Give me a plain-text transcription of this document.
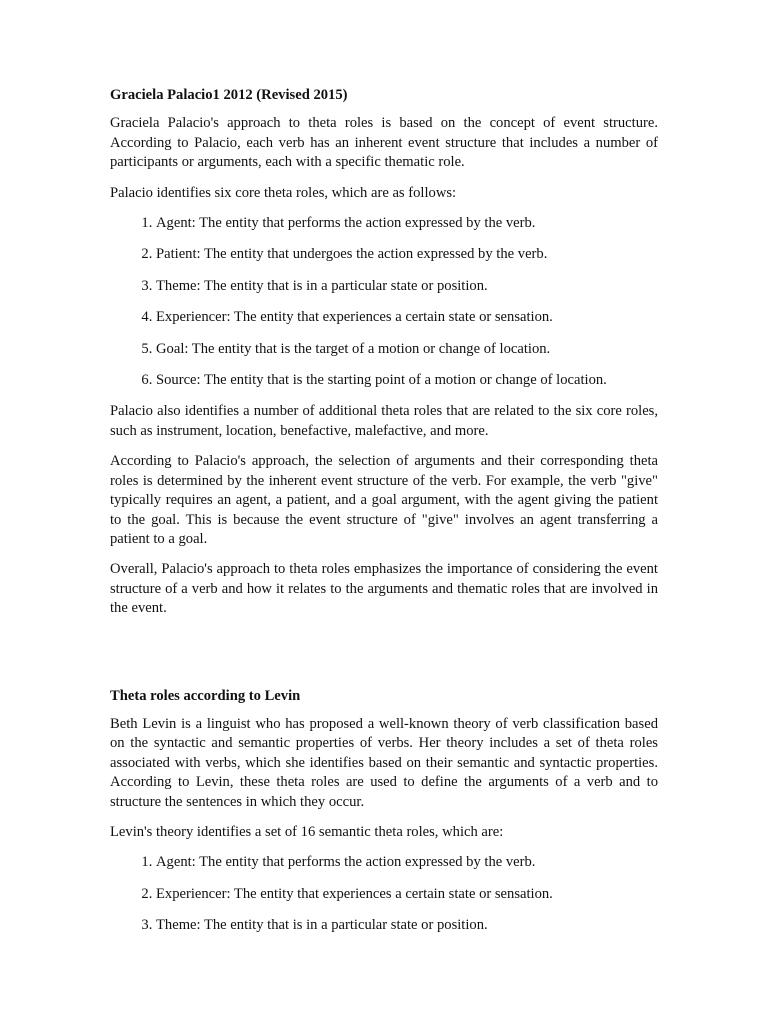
Graciela Palacio1 2012 (Revised 2015)

Graciela Palacio's approach to theta roles is based on the concept of event structure. According to Palacio, each verb has an inherent event structure that includes a number of participants or arguments, each with a specific thematic role.

Palacio identifies six core theta roles, which are as follows:

1. Agent: The entity that performs the action expressed by the verb.
2. Patient: The entity that undergoes the action expressed by the verb.
3. Theme: The entity that is in a particular state or position.
4. Experiencer: The entity that experiences a certain state or sensation.
5. Goal: The entity that is the target of a motion or change of location.
6. Source: The entity that is the starting point of a motion or change of location.

Palacio also identifies a number of additional theta roles that are related to the six core roles, such as instrument, location, benefactive, malefactive, and more.

According to Palacio's approach, the selection of arguments and their corresponding theta roles is determined by the inherent event structure of the verb. For example, the verb "give" typically requires an agent, a patient, and a goal argument, with the agent giving the patient to the goal. This is because the event structure of "give" involves an agent transferring a patient to a goal.

Overall, Palacio's approach to theta roles emphasizes the importance of considering the event structure of a verb and how it relates to the arguments and thematic roles that are involved in the event.

Theta roles according to Levin

Beth Levin is a linguist who has proposed a well-known theory of verb classification based on the syntactic and semantic properties of verbs. Her theory includes a set of theta roles associated with verbs, which she identifies based on their semantic and syntactic properties. According to Levin, these theta roles are used to define the arguments of a verb and to structure the sentences in which they occur.

Levin's theory identifies a set of 16 semantic theta roles, which are:

1. Agent: The entity that performs the action expressed by the verb.
2. Experiencer: The entity that experiences a certain state or sensation.
3. Theme: The entity that is in a particular state or position.
